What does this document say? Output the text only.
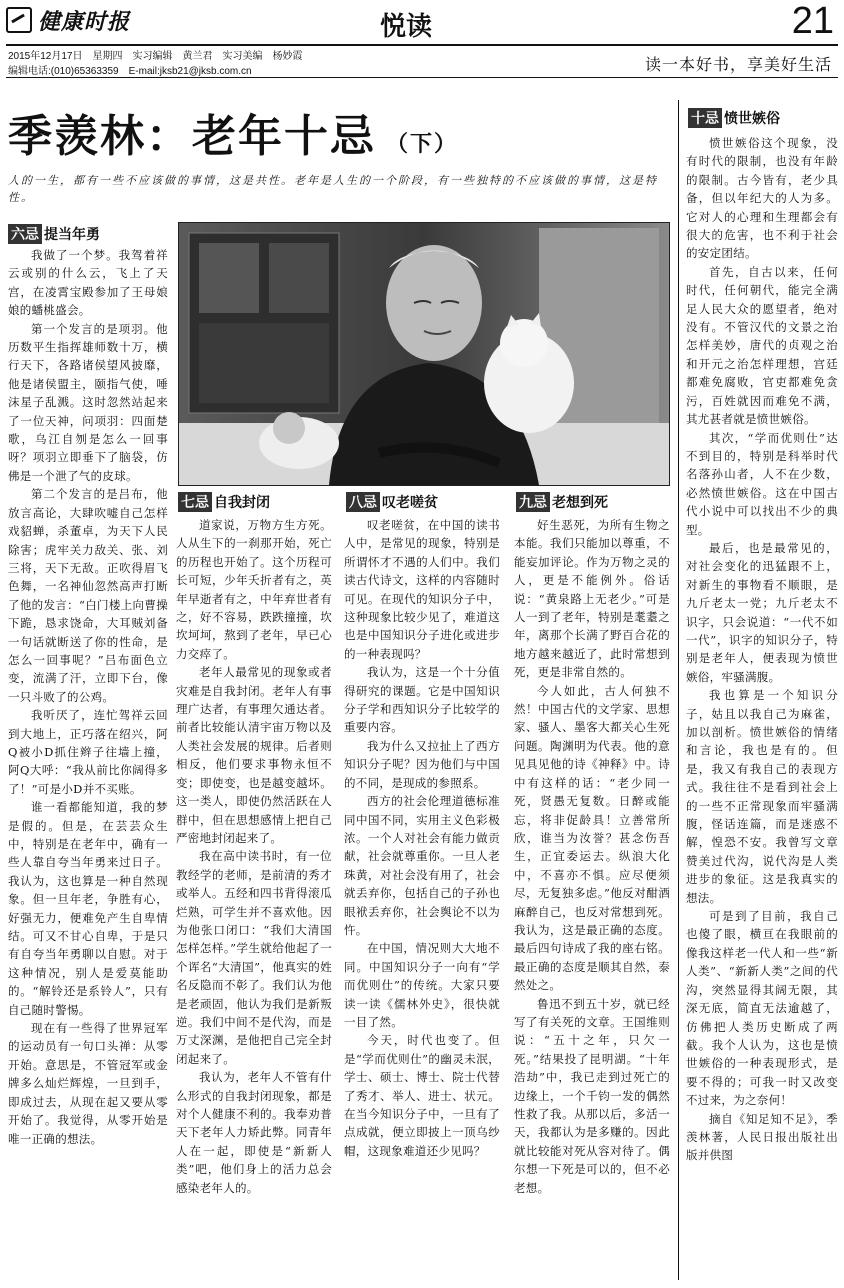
健康时报	悦读	21
2015年12月17日　星期四　实习编辑　黄兰君　实习美编　杨妙霞
编辑电话:(010)65363359　E-mail:jksb21@jksb.com.cn	读一本好书，享美好生活
季羡林：老年十忌 （下）
人的一生，都有一些不应该做的事情，这是共性。老年是人生的一个阶段，有一些独特的不应该做的事情，这是特性。
六忌 提当年勇

我做了一个梦。我驾着祥云或别的什么云，飞上了天宫，在凌霄宝殿参加了王母娘娘的蟠桃盛会。

第一个发言的是项羽。他历数平生指挥雄师数十万，横行天下，各路诸侯望风披靡，他是诸侯盟主，颐指气使，唾沫星子乱溅。这时忽然站起来了一位天神，问项羽：四面楚歌，乌江自刎是怎么一回事呀？项羽立即垂下了脑袋，仿佛是一个泄了气的皮球。

第二个发言的是吕布，他放言高论，大肆吹嘘自己怎样戏貂蝉，杀董卓，为天下人民除害；虎牢关力敌关、张、刘三将，天下无敌。正吹得眉飞色舞，一名神仙忽然高声打断了他的发言：“白门楼上向曹操下跪，恳求饶命，大耳贼刘备一句话就断送了你的性命，是怎么一回事呢？”吕布面色立变，流满了汗，立即下台，像一只斗败了的公鸡。

我听厌了，连忙驾祥云回到大地上，正巧落在绍兴，阿Q被小D抓住辫子往墙上撞，阿Q大呼：“我从前比你阔得多了！”可是小D并不买账。

谁一看都能知道，我的梦是假的。但是，在芸芸众生中，特别是在老年中，确有一些人靠自夸当年勇来过日子。我认为，这也算是一种自然现象。但一旦年老，争胜有心，好强无力，便难免产生自卑情结。可又不甘心自卑，于是只有自夸当年勇聊以自慰。对于这种情况，别人是爱莫能助的。“解铃还是系铃人”，只有自己随时警惕。

现在有一些得了世界冠军的运动员有一句口头禅：从零开始。意思是，不管冠军或金牌多么灿烂辉煌，一旦到手，即成过去，从现在起又要从零开始了。我觉得，从零开始是唯一正确的想法。

七忌 自我封闭

道家说，万物方生方死。人从生下的一刹那开始，死亡的历程也开始了。这个历程可长可短，少年夭折者有之，英年早逝者有之，中年弃世者有之，好不容易，跌跌撞撞，坎坎坷坷，熬到了老年，早已心力交瘁了。

老年人最常见的现象或者灾难是自我封闭。老年人有事理广达者，有事理欠通达者。前者比较能认清宇宙万物以及人类社会发展的规律。后者则相反，他们要求事物永恒不变；即使变，也是越变越坏。这一类人，即使仍然活跃在人群中，但在思想感情上把自己严密地封闭起来了。

我在高中读书时，有一位教经学的老师，是前清的秀才或举人。五经和四书背得滚瓜烂熟，可学生并不喜欢他。因为他张口闭口：“我们大清国怎样怎样。”学生就给他起了一个诨名“大清国”，他真实的姓名反隐而不彰了。我们认为他是老顽固，他认为我们是新叛逆。我们中间不是代沟，而是万丈深渊，是他把自己完全封闭起来了。

我认为，老年人不管有什么形式的自我封闭现象，都是对个人健康不利的。我奉劝普天下老年人力矫此弊。同青年人在一起，即使是“新新人类”吧，他们身上的活力总会感染老年人的。

八忌 叹老嗟贫

叹老嗟贫，在中国的读书人中，是常见的现象，特别是所谓怀才不遇的人们中。我们读古代诗文，这样的内容随时可见。在现代的知识分子中，这种现象比较少见了，难道这也是中国知识分子进化或进步的一种表现吗？

我认为，这是一个十分值得研究的课题。它是中国知识分子学和西知识分子比较学的重要内容。

我为什么又拉扯上了西方知识分子呢？因为他们与中国的不同，是现成的参照系。

西方的社会伦理道德标准同中国不同，实用主义色彩极浓。一个人对社会有能力做贡献，社会就尊重你。一旦人老珠黄，对社会没有用了，社会就丢弃你，包括自己的子孙也眼袱丢弃你，社会舆论不以为忤。

在中国，情况则大大地不同。中国知识分子一向有“学而优则仕”的传统。大家只要读一读《儒林外史》，很快就一目了然。

今天，时代也变了。但是“学而优则仕”的幽灵未泯，学士、硕士、博士、院士代替了秀才、举人、进士、状元。在当今知识分子中，一旦有了点成就，便立即披上一顶乌纱帽，这现象难道还少见吗？

九忌 老想到死

好生恶死，为所有生物之本能。我们只能加以尊重，不能妄加评论。作为万物之灵的人，更是不能例外。俗话说：“黄泉路上无老少。”可是人一到了老年，特别是耄耋之年，离那个长满了野百合花的地方越来越近了，此时常想到死，更是非常自然的。

今人如此，古人何独不然！中国古代的文学家、思想家、骚人、墨客大都关心生死问题。陶渊明为代表。他的意见具见他的诗《神释》中。诗中有这样的话：“老少同一死，贤愚无复数。日醉或能忘，将非促龄具！立善常所欣，谁当为汝誉？甚念伤吾生，正宜委运去。纵浪大化中，不喜亦不惧。应尽便须尽，无复独多虑。”他反对酣酒麻醉自己，也反对常想到死。我认为，这是最正确的态度。最后四句诗成了我的座右铭。最正确的态度是顺其自然，泰然处之。

鲁迅不到五十岁，就已经写了有关死的文章。王国维则说：“五十之年，只欠一死。”结果投了昆明湖。“十年浩劫”中，我已走到过死亡的边缘上，一个千钧一发的偶然性救了我。从那以后，多活一天，我都认为是多赚的。因此就比较能对死从容对待了。偶尔想一下死是可以的，但不必老想。

十忌 愤世嫉俗

愤世嫉俗这个现象，没有时代的限制，也没有年龄的限制。古今皆有，老少具备，但以年纪大的人为多。它对人的心理和生理都会有很大的危害，也不利于社会的安定团结。

首先，自古以来，任何时代，任何朝代，能完全满足人民大众的愿望者，绝对没有。不管汉代的文景之治怎样美妙，唐代的贞观之治和开元之治怎样理想，宫廷都难免腐败，官吏都难免贪污，百姓就因而难免不满，其尤甚者就是愤世嫉俗。

其次，“学而优则仕”达不到目的，特别是科举时代名落孙山者，人不在少数，必然愤世嫉俗。这在中国古代小说中可以找出不少的典型。

最后，也是最常见的，对社会变化的迅猛跟不上，对新生的事物看不顺眼，是九斤老太一党；九斤老太不识字，只会说道：“一代不如一代”，识字的知识分子，特别是老年人，便表现为愤世嫉俗，牢骚满腹。

我也算是一个知识分子，姑且以我自己为麻雀，加以剖析。愤世嫉俗的情绪和言论，我也是有的。但是，我又有我自己的表现方式。我往往不是看到社会上的一些不正常现象而牢骚满腹，怪话连篇，而是迷惑不解，惶恐不安。我曾写文章赞美过代沟，说代沟是人类进步的象征。这是我真实的想法。

可是到了目前，我自己也傻了眼，横亘在我眼前的像我这样老一代人和一些“新人类”、“新新人类”之间的代沟，突然显得其阔无限，其深无底，简直无法逾越了，仿佛把人类历史断成了两截。我个人认为，这也是愤世嫉俗的一种表现形式，是要不得的；可我一时又改变不过来，为之奈何！

摘自《知足知不足》，季羡林著，人民日报出版社出版并供图
